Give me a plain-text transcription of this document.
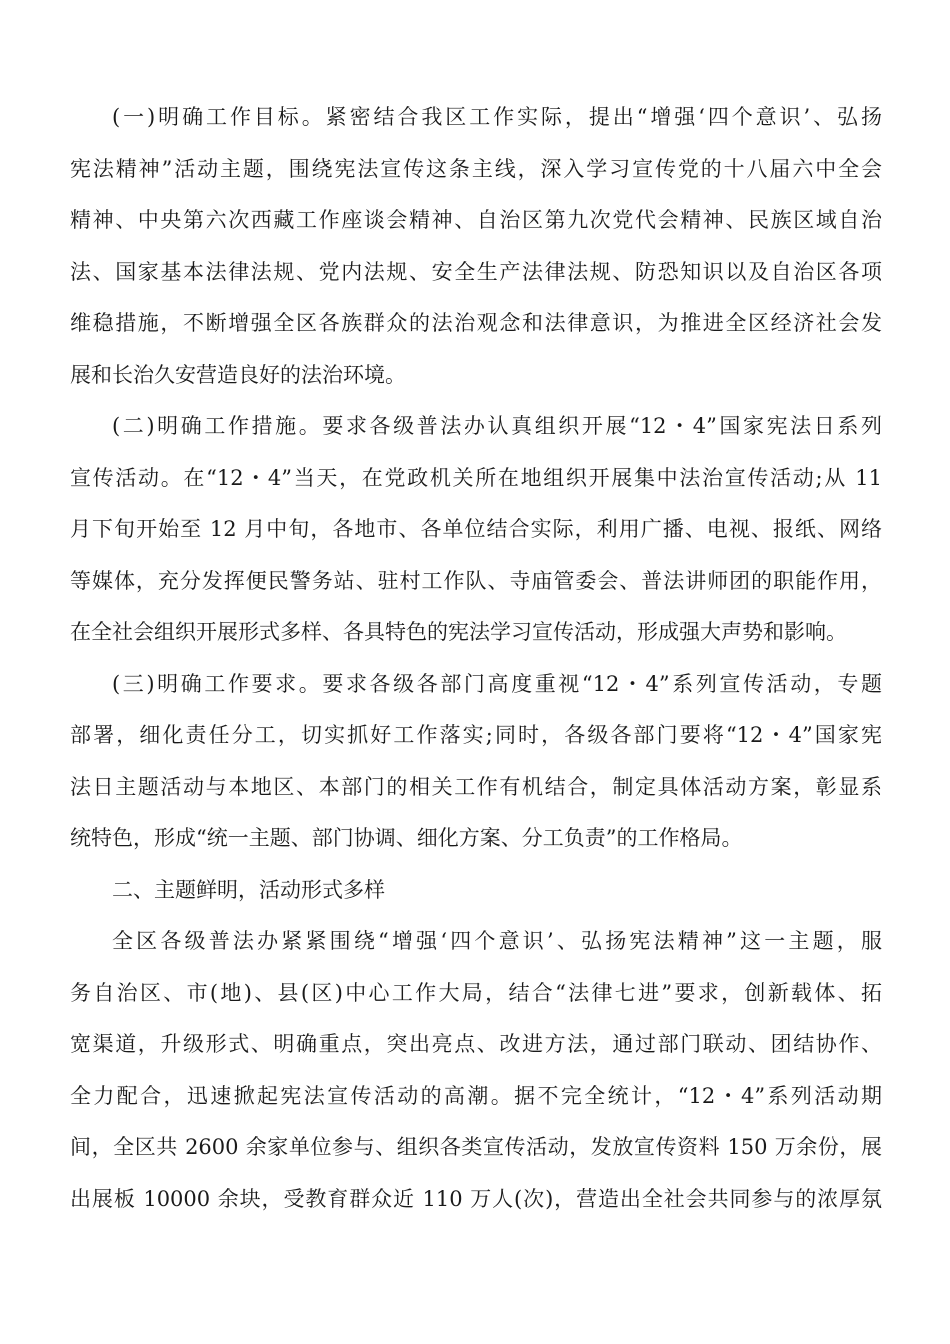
(一)明确工作目标。紧密结合我区工作实际，提出“增强‘四个意识’、弘扬
宪法精神”活动主题，围绕宪法宣传这条主线，深入学习宣传党的十八届六中全会
精神、中央第六次西藏工作座谈会精神、自治区第九次党代会精神、民族区域自治
法、国家基本法律法规、党内法规、安全生产法律法规、防恐知识以及自治区各项
维稳措施，不断增强全区各族群众的法治观念和法律意识，为推进全区经济社会发
展和长治久安营造良好的法治环境。
(二)明确工作措施。要求各级普法办认真组织开展“12・4”国家宪法日系列
宣传活动。在“12・4”当天，在党政机关所在地组织开展集中法治宣传活动;从 11
月下旬开始至 12 月中旬，各地市、各单位结合实际，利用广播、电视、报纸、网络
等媒体，充分发挥便民警务站、驻村工作队、寺庙管委会、普法讲师团的职能作用，
在全社会组织开展形式多样、各具特色的宪法学习宣传活动，形成强大声势和影响。
(三)明确工作要求。要求各级各部门高度重视“12・4”系列宣传活动，专题
部署，细化责任分工，切实抓好工作落实;同时，各级各部门要将“12・4”国家宪
法日主题活动与本地区、本部门的相关工作有机结合，制定具体活动方案，彰显系
统特色，形成“统一主题、部门协调、细化方案、分工负责”的工作格局。
二、主题鲜明，活动形式多样
全区各级普法办紧紧围绕“增强‘四个意识’、弘扬宪法精神”这一主题，服
务自治区、市(地)、县(区)中心工作大局，结合“法律七进”要求，创新载体、拓
宽渠道，升级形式、明确重点，突出亮点、改进方法，通过部门联动、团结协作、
全力配合，迅速掀起宪法宣传活动的高潮。据不完全统计，“12・4”系列活动期
间，全区共 2600 余家单位参与、组织各类宣传活动，发放宣传资料 150 万余份，展
出展板 10000 余块，受教育群众近 110 万人(次)，营造出全社会共同参与的浓厚氛
